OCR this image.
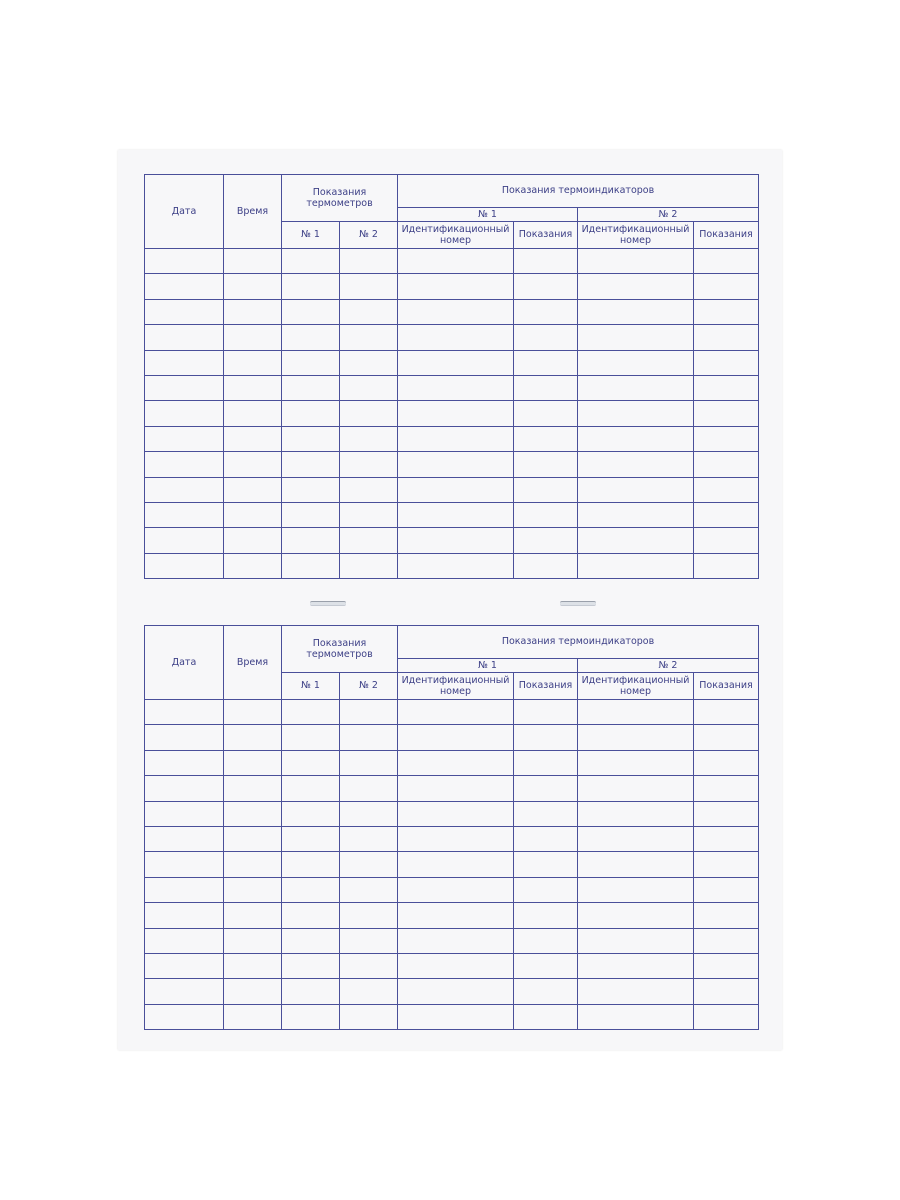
Дата	Время	Показания термометров		Показания термоиндикаторов			
				№ 1		№ 2	
		№ 1	№ 2	Идентификационный номер	Показания	Идентификационный номер	Показания

Дата	Время	Показания термометров		Показания термоиндикаторов			
				№ 1		№ 2	
		№ 1	№ 2	Идентификационный номер	Показания	Идентификационный номер	Показания
